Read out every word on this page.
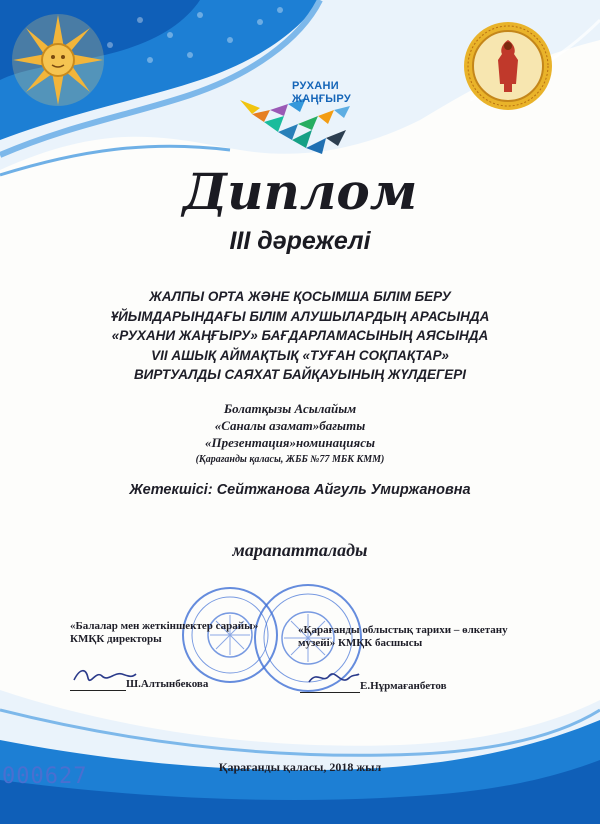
РУХАНИ
ЖАҢҒЫРУ
Диплом
ІІІ дәрежелі
ЖАЛПЫ ОРТА ЖӘНЕ ҚОСЫМША БІЛІМ БЕРУ
ҰЙЫМДАРЫНДАҒЫ БІЛІМ АЛУШЫЛАРДЫҢ АРАСЫНДА
«РУХАНИ ЖАҢҒЫРУ» БАҒДАРЛАМАСЫНЫҢ АЯСЫНДА
VII АШЫҚ АЙМАҚТЫҚ «ТУҒАН СОҚПАҚТАР»
ВИРТУАЛДЫ САЯХАТ БАЙҚАУЫНЫҢ ЖҮЛДЕГЕРІ
Болатқызы Асылайым
«Саналы азамат»бағыты
«Презентация»номинациясы
(Қарағанды қаласы, ЖББ №77 МБК КММ)
Жетекшісі: Сейтжанова Айгуль Умиржановна
марапатталады
«Балалар мен жеткіншектер сарайы»
КМҚК директоры
«Қарағанды облыстық тарихи – өлкетану
музейі» КМҚК басшысы
Ш.Алтынбекова	Е.Нұрмағанбетов
Қарағанды қаласы, 2018 жыл
000627
